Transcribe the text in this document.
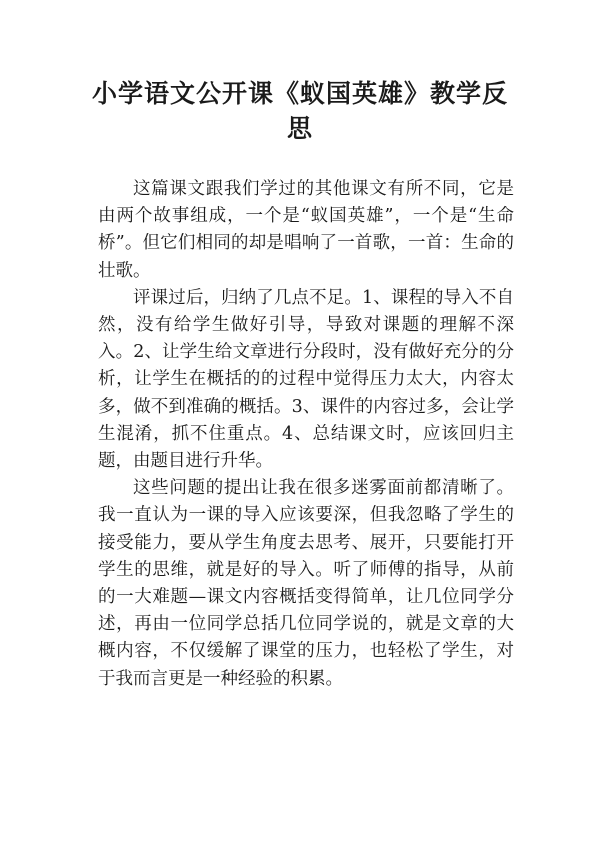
小学语文公开课《蚁国英雄》教学反思

这篇课文跟我们学过的其他课文有所不同，它是由两个故事组成，一个是“蚁国英雄”，一个是“生命桥”。但它们相同的却是唱响了一首歌，一首：生命的壮歌。

评课过后，归纳了几点不足。1、课程的导入不自然，没有给学生做好引导，导致对课题的理解不深入。2、让学生给文章进行分段时，没有做好充分的分析，让学生在概括的的过程中觉得压力太大，内容太多，做不到准确的概括。3、课件的内容过多，会让学生混淆，抓不住重点。4、总结课文时，应该回归主题，由题目进行升华。

这些问题的提出让我在很多迷雾面前都清晰了。我一直认为一课的导入应该要深，但我忽略了学生的接受能力，要从学生角度去思考、展开，只要能打开学生的思维，就是好的导入。听了师傅的指导，从前的一大难题—课文内容概括变得简单，让几位同学分述，再由一位同学总括几位同学说的，就是文章的大概内容，不仅缓解了课堂的压力，也轻松了学生，对于我而言更是一种经验的积累。
